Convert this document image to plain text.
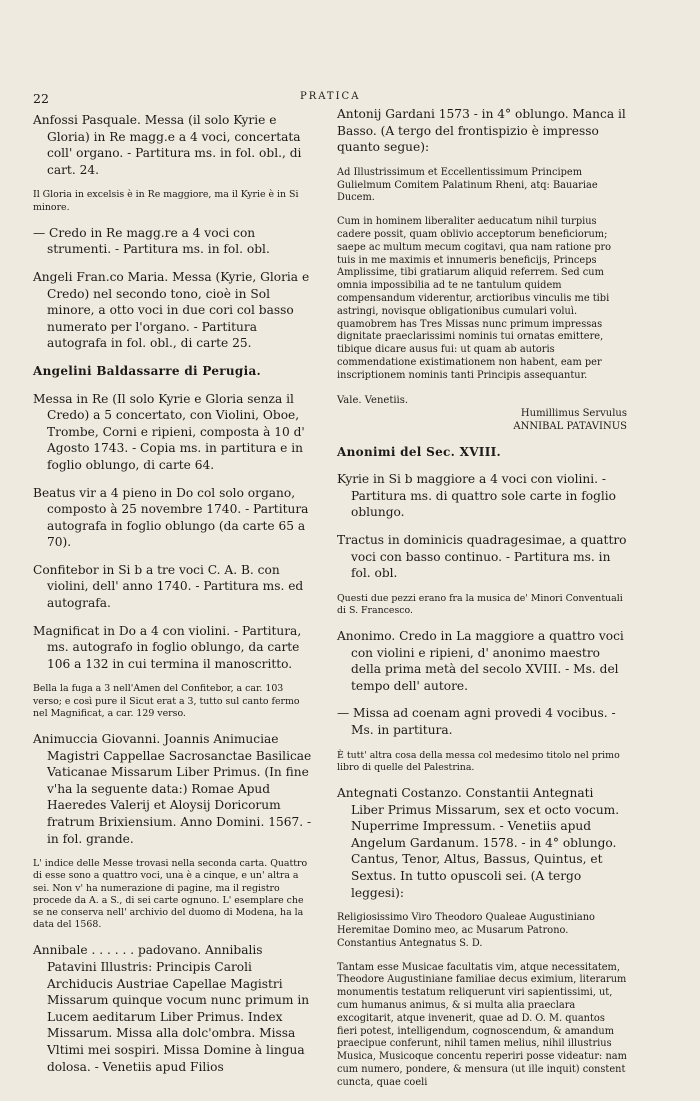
22	PRATICA

Anfossi Pasquale. Messa (il solo Kyrie e Gloria) in Re magg.e a 4 voci, concertata coll' organo. - Partitura ms. in fol. obl., di cart. 24.

Il Gloria in excelsis è in Re maggiore, ma il Kyrie è in Si minore.

— Credo in Re magg.re a 4 voci con strumenti. - Partitura ms. in fol. obl.

Angeli Fran.co Maria. Messa (Kyrie, Gloria e Credo) nel secondo tono, cioè in Sol minore, a otto voci in due cori col basso numerato per l'organo. - Partitura autografa in fol. obl., di carte 25.

Angelini Baldassarre di Perugia.

Messa in Re (Il solo Kyrie e Gloria senza il Credo) a 5 concertato, con Violini, Oboe, Trombe, Corni e ripieni, composta à 10 d' Agosto 1743. - Copia ms. in partitura e in foglio oblungo, di carte 64.

Beatus vir a 4 pieno in Do col solo organo, composto à 25 novembre 1740. - Partitura autografa in foglio oblungo (da carte 65 a 70).

Confitebor in Si b a tre voci C. A. B. con violini, dell' anno 1740. - Partitura ms. ed autografa.

Magnificat in Do a 4 con violini. - Partitura, ms. autografo in foglio oblungo, da carte 106 a 132 in cui termina il manoscritto.

Bella la fuga a 3 nell'Amen del Confitebor, a car. 103 verso; e così pure il Sicut erat a 3, tutto sul canto fermo nel Magnificat, a car. 129 verso.

Animuccia Giovanni. Joannis Animuciae Magistri Cappellae Sacrosanctae Basilicae Vaticanae Missarum Liber Primus. (In fine v'ha la seguente data:) Romae Apud Haeredes Valerij et Aloysij Doricorum fratrum Brixiensium. Anno Domini. 1567. - in fol. grande.

L' indice delle Messe trovasi nella seconda carta. Quattro di esse sono a quattro voci, una è a cinque, e un' altra a sei. Non v' ha numerazione di pagine, ma il registro procede da A. a S., di sei carte ognuno. L' esemplare che se ne conserva nell' archivio del duomo di Modena, ha la data del 1568.

Annibale . . . . . . padovano. Annibalis Patavini Illustris: Principis Caroli Archiducis Austriae Capellae Magistri Missarum quinque vocum nunc primum in Lucem aeditarum Liber Primus. Index Missarum. Missa alla dolc'ombra. Missa Vltimi mei sospiri. Missa Domine à lingua dolosa. - Venetiis apud Filios

Antonij Gardani 1573 - in 4° oblungo. Manca il Basso. (A tergo del frontispizio è impresso quanto segue):

Ad Illustrissimum et Eccellentissimum Principem Gulielmum Comitem Palatinum Rheni, atq: Bauariae Ducem.

Cum in hominem liberaliter aeducatum nihil turpius cadere possit, quam oblivio acceptorum beneficiorum; saepe ac multum mecum cogitavi, qua nam ratione pro tuis in me maximis et innumeris beneficijs, Princeps Amplissime, tibi gratiarum aliquid referrem. Sed cum omnia impossibilia ad te ne tantulum quidem compensandum viderentur, arctioribus vinculis me tibi astringi, novisque obligationibus cumulari voluì. quamobrem has Tres Missas nunc primum impressas dignitate praeclarissimi nominis tui ornatas emittere, tibique dicare ausus fui: ut quam ab autoris commendatione existimationem non habent, eam per inscriptionem nominis tanti Principis assequantur.

Vale. Venetiis.

Humillimus Servulus

ANNIBAL PATAVINUS

Anonimi del Sec. XVIII.

Kyrie in Si b maggiore a 4 voci con violini. - Partitura ms. di quattro sole carte in foglio oblungo.

Tractus in dominicis quadragesimae, a quattro voci con basso continuo. - Partitura ms. in fol. obl.

Questi due pezzi erano fra la musica de' Minori Conventuali di S. Francesco.

Anonimo. Credo in La maggiore a quattro voci con violini e ripieni, d' anonimo maestro della prima metà del secolo XVIII. - Ms. del tempo dell' autore.

— Missa ad coenam agni provedi 4 vocibus. - Ms. in partitura.

È tutt' altra cosa della messa col medesimo titolo nel primo libro di quelle del Palestrina.

Antegnati Costanzo. Constantii Antegnati Liber Primus Missarum, sex et octo vocum. Nuperrime Impressum. - Venetiis apud Angelum Gardanum. 1578. - in 4° oblungo. Cantus, Tenor, Altus, Bassus, Quintus, et Sextus. In tutto opuscoli sei. (A tergo leggesi):

Religiosissimo Viro Theodoro Qualeae Augustiniano Heremitae Domino meo, ac Musarum Patrono. Constantius Antegnatus S. D.

Tantam esse Musicae facultatis vim, atque necessitatem, Theodore Augustiniane familiae decus eximium, literarum monumentis testatum reliquerunt viri sapientissimi, ut, cum humanus animus, & si multa alia praeclara excogitarit, atque invenerit, quae ad D. O. M. quantos fieri potest, intelligendum, cognoscendum, & amandum praecipue conferunt, nihil tamen melius, nihil illustrius Musica, Musicoque concentu reperiri posse videatur: nam cum numero, pondere, & mensura (ut ille inquit) constent cuncta, quae coeli
